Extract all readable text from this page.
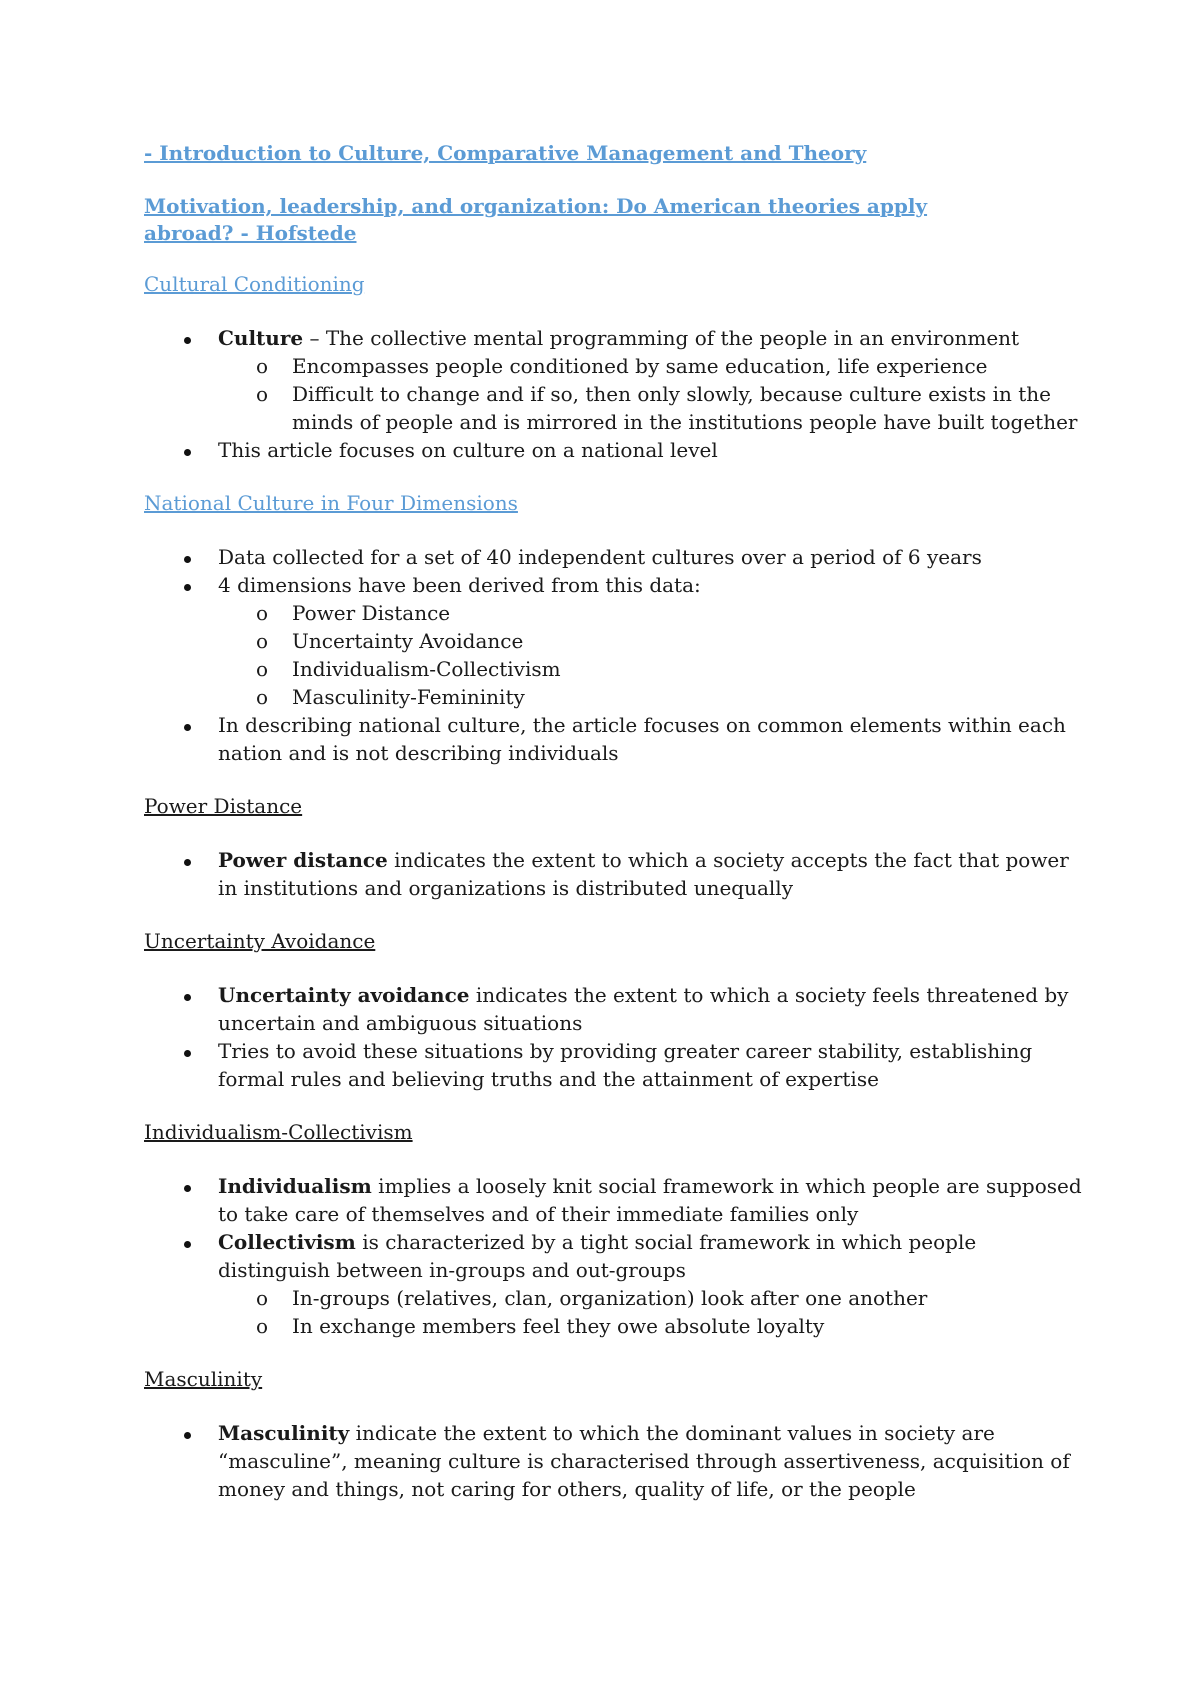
- Introduction to Culture, Comparative Management and Theory
Motivation, leadership, and organization: Do American theories apply abroad? - Hofstede
Cultural Conditioning
Culture – The collective mental programming of the people in an environment
o Encompasses people conditioned by same education, life experience
o Difficult to change and if so, then only slowly, because culture exists in the minds of people and is mirrored in the institutions people have built together
This article focuses on culture on a national level
National Culture in Four Dimensions
Data collected for a set of 40 independent cultures over a period of 6 years
4 dimensions have been derived from this data:
o Power Distance
o Uncertainty Avoidance
o Individualism-Collectivism
o Masculinity-Femininity
In describing national culture, the article focuses on common elements within each nation and is not describing individuals
Power Distance
Power distance indicates the extent to which a society accepts the fact that power in institutions and organizations is distributed unequally
Uncertainty Avoidance
Uncertainty avoidance indicates the extent to which a society feels threatened by uncertain and ambiguous situations
Tries to avoid these situations by providing greater career stability, establishing formal rules and believing truths and the attainment of expertise
Individualism-Collectivism
Individualism implies a loosely knit social framework in which people are supposed to take care of themselves and of their immediate families only
Collectivism is characterized by a tight social framework in which people distinguish between in-groups and out-groups
o In-groups (relatives, clan, organization) look after one another
o In exchange members feel they owe absolute loyalty
Masculinity
Masculinity indicate the extent to which the dominant values in society are “masculine”, meaning culture is characterised through assertiveness, acquisition of money and things, not caring for others, quality of life, or the people
